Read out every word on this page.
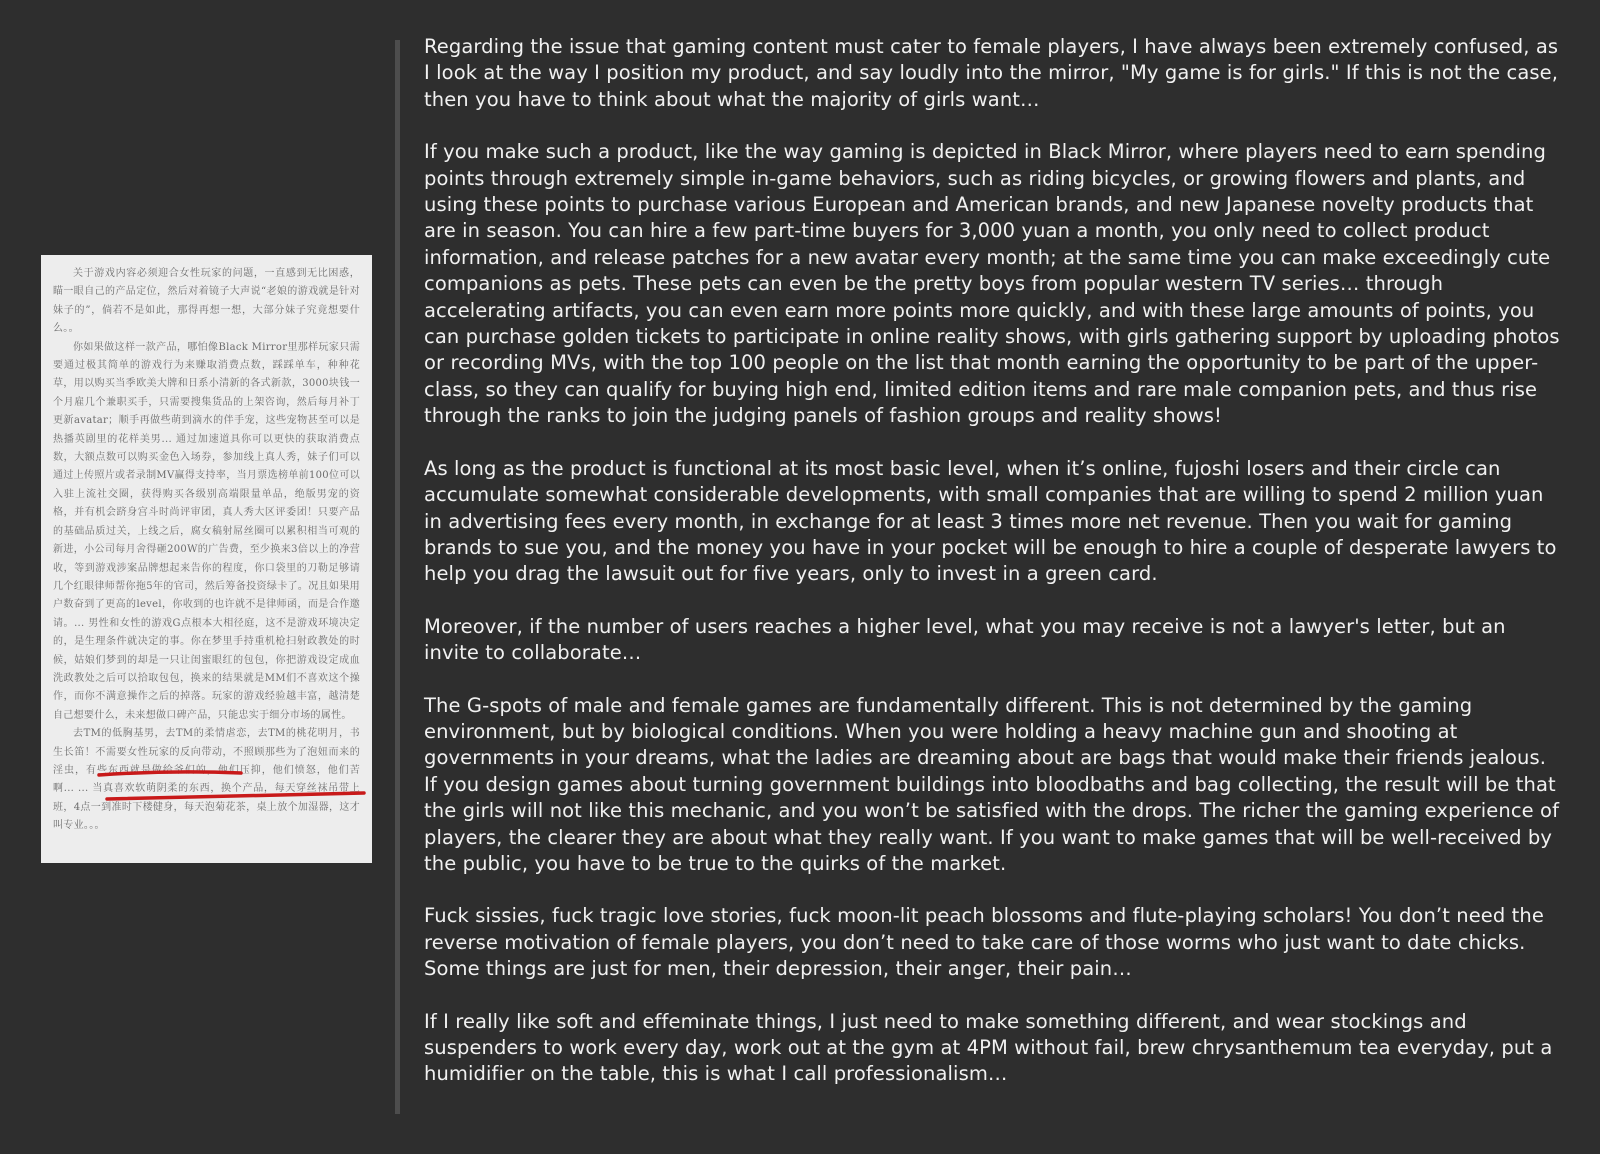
关于游戏内容必须迎合女性玩家的问题，一直感到无比困惑，瞄一眼自己的产品定位，然后对着镜子大声说“老娘的游戏就是针对妹子的”，倘若不是如此，那得再想一想，大部分妹子究竟想要什么。。

你如果做这样一款产品，哪怕像Black Mirror里那样玩家只需要通过极其简单的游戏行为来赚取消费点数，踩踩单车，种种花草，用以购买当季欧美大牌和日系小清新的各式新款，3000块钱一个月雇几个兼职买手，只需要搜集货品的上架咨询，然后每月补丁更新avatar；顺手再做些萌到滴水的伴手宠，这些宠物甚至可以是热播英剧里的花样美男... 通过加速道具你可以更快的获取消费点数，大额点数可以购买金色入场券，参加线上真人秀，妹子们可以通过上传照片或者录制MV赢得支持率，当月票选榜单前100位可以入驻上流社交圈，获得购买各级别高端限量单品，绝版男宠的资格，并有机会跻身宫斗时尚评审团，真人秀大区评委团！只要产品的基础品质过关，上线之后，腐女稿射屌丝圈可以累积相当可观的新进，小公司每月舍得砸200W的广告费，至少换来3倍以上的净营收，等到游戏涉案品牌想起来告你的程度，你口袋里的刀勒足够请几个红眼律师帮你拖5年的官司，然后筹备投资绿卡了。况且如果用户数奋到了更高的level，你收到的也许就不是律师函，而是合作邀请。... 男性和女性的游戏G点根本大相径庭，这不是游戏环境决定的，是生理条件就决定的事。你在梦里手持重机枪扫射政教处的时候，姑娘们梦到的却是一只让闺蜜眼红的包包，你把游戏设定成血洗政教处之后可以拾取包包，换来的结果就是MM们不喜欢这个操作，而你不满意操作之后的掉落。玩家的游戏经验越丰富，越清楚自己想要什么，未来想做口碑产品，只能忠实于细分市场的属性。

去TM的低胸基男，去TM的柔情虐恋，去TM的桃花明月，书生长笛！不需要女性玩家的反向带动，不照顾那些为了泡妞而来的淫虫，有些东西就是做给爷们的，他们压抑，他们愤怒，他们苦啊... ... 当真喜欢软萌阴柔的东西，换个产品，每天穿丝袜吊带上班，4点一到准时下楼健身，每天泡菊花茶，桌上放个加湿器，这才叫专业。。。

Regarding the issue that gaming content must cater to female players, I have always been extremely confused, as I look at the way I position my product, and say loudly into the mirror, "My game is for girls." If this is not the case, then you have to think about what the majority of girls want…

If you make such a product, like the way gaming is depicted in Black Mirror, where players need to earn spending points through extremely simple in-game behaviors, such as riding bicycles, or growing flowers and plants, and using these points to purchase various European and American brands, and new Japanese novelty products that are in season. You can hire a few part-time buyers for 3,000 yuan a month, you only need to collect product information, and release patches for a new avatar every month; at the same time you can make exceedingly cute companions as pets. These pets can even be the pretty boys from popular western TV series… through accelerating artifacts, you can even earn more points more quickly, and with these large amounts of points, you can purchase golden tickets to participate in online reality shows, with girls gathering support by uploading photos or recording MVs, with the top 100 people on the list that month earning the opportunity to be part of the upper-class, so they can qualify for buying high end, limited edition items and rare male companion pets, and thus rise through the ranks to join the judging panels of fashion groups and reality shows!

As long as the product is functional at its most basic level, when it’s online, fujoshi losers and their circle can accumulate somewhat considerable developments, with small companies that are willing to spend 2 million yuan in advertising fees every month, in exchange for at least 3 times more net revenue. Then you wait for gaming brands to sue you, and the money you have in your pocket will be enough to hire a couple of desperate lawyers to help you drag the lawsuit out for five years, only to invest in a green card.

Moreover, if the number of users reaches a higher level, what you may receive is not a lawyer's letter, but an invite to collaborate…

The G-spots of male and female games are fundamentally different. This is not determined by the gaming environment, but by biological conditions. When you were holding a heavy machine gun and shooting at governments in your dreams, what the ladies are dreaming about are bags that would make their friends jealous. If you design games about turning government buildings into bloodbaths and bag collecting, the result will be that the girls will not like this mechanic, and you won’t be satisfied with the drops. The richer the gaming experience of players, the clearer they are about what they really want. If you want to make games that will be well-received by the public, you have to be true to the quirks of the market.

Fuck sissies, fuck tragic love stories, fuck moon-lit peach blossoms and flute-playing scholars! You don’t need the reverse motivation of female players, you don’t need to take care of those worms who just want to date chicks. Some things are just for men, their depression, their anger, their pain…

If I really like soft and effeminate things, I just need to make something different, and wear stockings and suspenders to work every day, work out at the gym at 4PM without fail, brew chrysanthemum tea everyday, put a humidifier on the table, this is what I call professionalism…
